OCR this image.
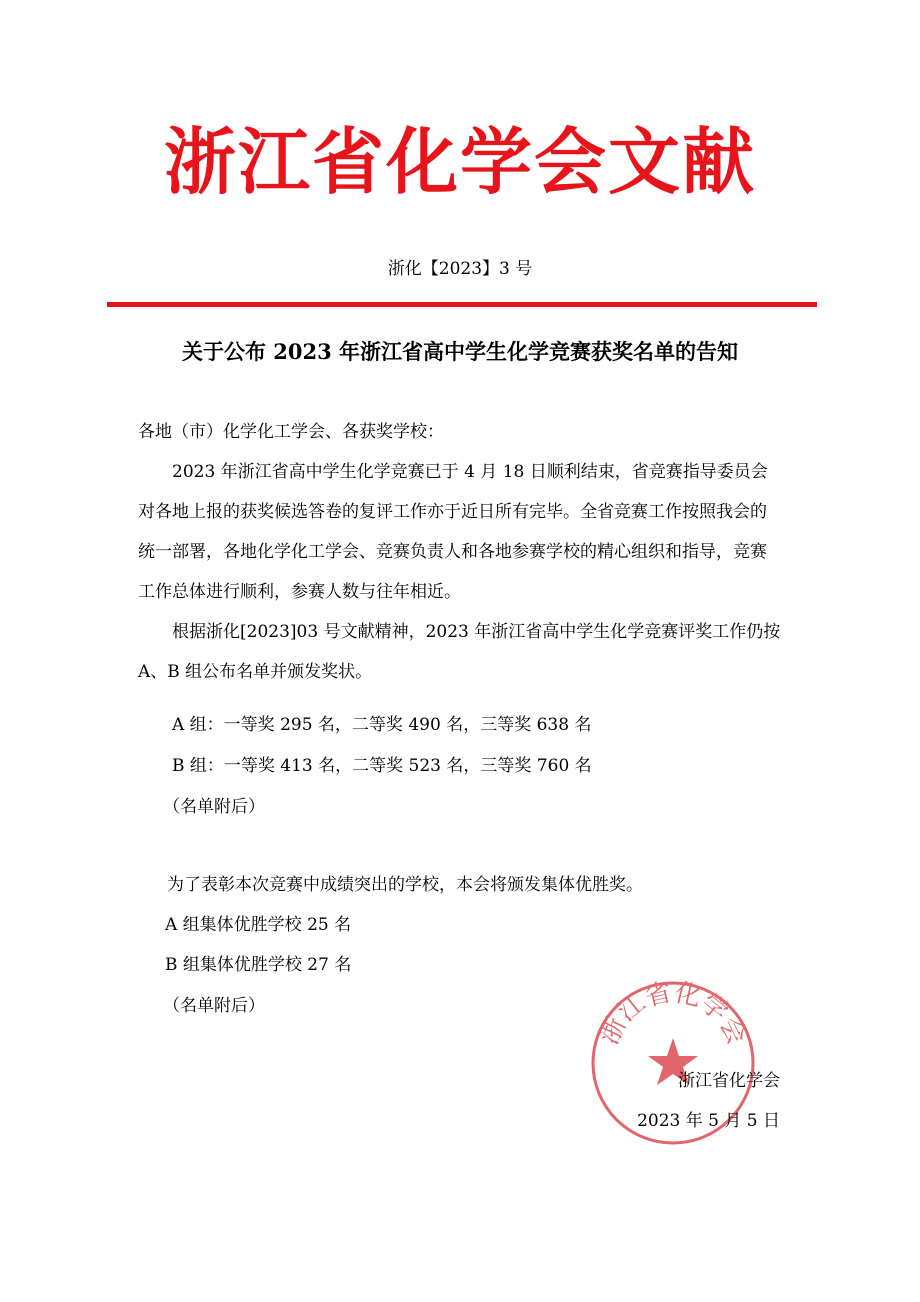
浙江省化学会文献
浙化【2023】3 号
关于公布 2023 年浙江省高中学生化学竞赛获奖名单的告知

各地（市）化学化工学会、各获奖学校：

2023 年浙江省高中学生化学竞赛已于 4 月 18 日顺利结束，省竞赛指导委员会对各地上报的获奖候选答卷的复评工作亦于近日所有完毕。全省竞赛工作按照我会的统一部署，各地化学化工学会、竞赛负责人和各地参赛学校的精心组织和指导，竞赛工作总体进行顺利，参赛人数与往年相近。

根据浙化[2023]03 号文献精神，2023 年浙江省高中学生化学竞赛评奖工作仍按 A、B 组公布名单并颁发奖状。

A 组：一等奖 295 名，二等奖 490 名，三等奖 638 名
B 组：一等奖 413 名，二等奖 523 名，三等奖 760 名
（名单附后）
为了表彰本次竞赛中成绩突出的学校，本会将颁发集体优胜奖。
A 组集体优胜学校 25 名
B 组集体优胜学校 27 名
（名单附后）
浙江省化学会
浙江省化学会
2023 年 5 月 5 日
